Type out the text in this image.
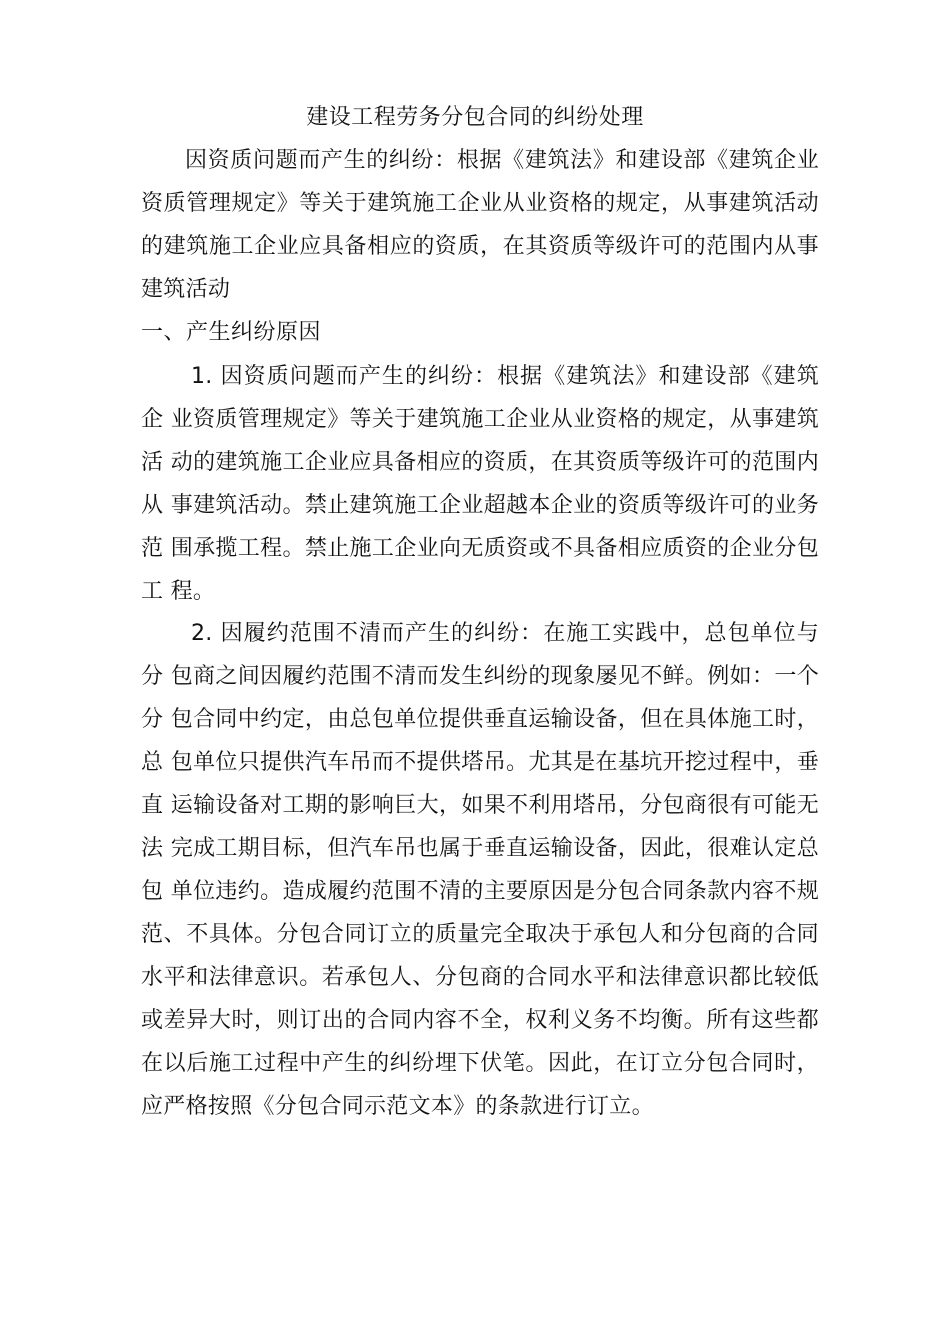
建设工程劳务分包合同的纠纷处理
因资质问题而产生的纠纷：根据《建筑法》和建设部《建筑企业资质管理规定》等关于建筑施工企业从业资格的规定，从事建筑活动的建筑施工企业应具备相应的资质，在其资质等级许可的范围内从事建筑活动
一、产生纠纷原因
1. 因资质问题而产生的纠纷：根据《建筑法》和建设部《建筑企 业资质管理规定》等关于建筑施工企业从业资格的规定，从事建筑活 动的建筑施工企业应具备相应的资质，在其资质等级许可的范围内从 事建筑活动。禁止建筑施工企业超越本企业的资质等级许可的业务范 围承揽工程。禁止施工企业向无质资或不具备相应质资的企业分包工 程。
2. 因履约范围不清而产生的纠纷：在施工实践中，总包单位与分 包商之间因履约范围不清而发生纠纷的现象屡见不鲜。例如：一个分 包合同中约定，由总包单位提供垂直运输设备，但在具体施工时，总 包单位只提供汽车吊而不提供塔吊。尤其是在基坑开挖过程中，垂直 运输设备对工期的影响巨大，如果不利用塔吊，分包商很有可能无法 完成工期目标，但汽车吊也属于垂直运输设备，因此，很难认定总包 单位违约。造成履约范围不清的主要原因是分包合同条款内容不规 范、不具体。分包合同订立的质量完全取决于承包人和分包商的合同 水平和法律意识。若承包人、分包商的合同水平和法律意识都比较低 或差异大时，则订出的合同内容不全，权利义务不均衡。所有这些都 在以后施工过程中产生的纠纷埋下伏笔。因此，在订立分包合同时， 应严格按照《分包合同示范文本》的条款进行订立。
